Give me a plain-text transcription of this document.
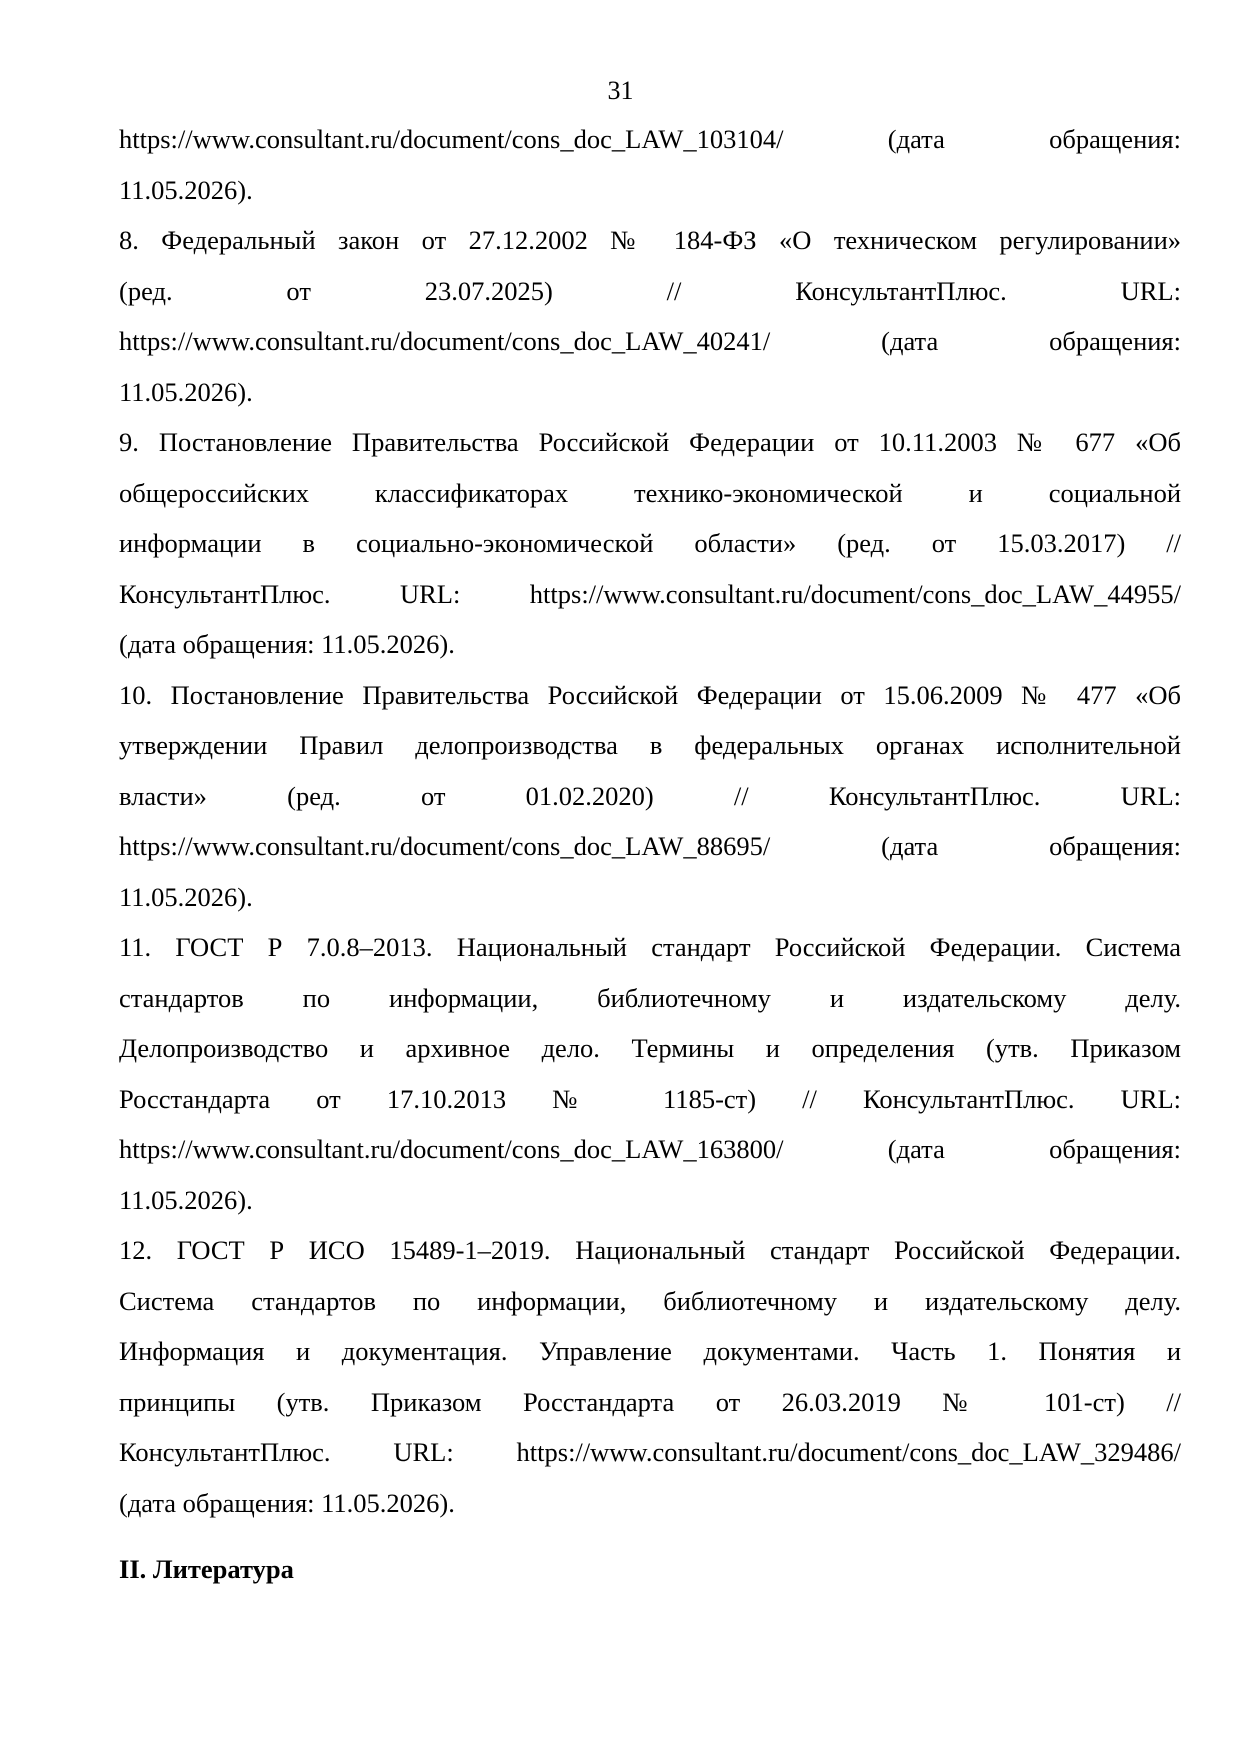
31

https://www.consultant.ru/document/cons_doc_LAW_103104/ (дата обращения:
11.05.2026).

8. Федеральный закон от 27.12.2002 № 184-ФЗ «О техническом регулировании»
(ред. от 23.07.2025) // КонсультантПлюс. URL:
https://www.consultant.ru/document/cons_doc_LAW_40241/ (дата обращения:
11.05.2026).

9. Постановление Правительства Российской Федерации от 10.11.2003 № 677 «Об
общероссийских классификаторах технико-экономической и социальной
информации в социально-экономической области» (ред. от 15.03.2017) //
КонсультантПлюс. URL: https://www.consultant.ru/document/cons_doc_LAW_44955/
(дата обращения: 11.05.2026).

10. Постановление Правительства Российской Федерации от 15.06.2009 № 477 «Об
утверждении Правил делопроизводства в федеральных органах исполнительной
власти» (ред. от 01.02.2020) // КонсультантПлюс. URL:
https://www.consultant.ru/document/cons_doc_LAW_88695/ (дата обращения:
11.05.2026).

11. ГОСТ Р 7.0.8–2013. Национальный стандарт Российской Федерации. Система
стандартов по информации, библиотечному и издательскому делу.
Делопроизводство и архивное дело. Термины и определения (утв. Приказом
Росстандарта от 17.10.2013 № 1185-ст) // КонсультантПлюс. URL:
https://www.consultant.ru/document/cons_doc_LAW_163800/ (дата обращения:
11.05.2026).

12. ГОСТ Р ИСО 15489-1–2019. Национальный стандарт Российской Федерации.
Система стандартов по информации, библиотечному и издательскому делу.
Информация и документация. Управление документами. Часть 1. Понятия и
принципы (утв. Приказом Росстандарта от 26.03.2019 № 101-ст) //
КонсультантПлюс. URL: https://www.consultant.ru/document/cons_doc_LAW_329486/
(дата обращения: 11.05.2026).

II. Литература
